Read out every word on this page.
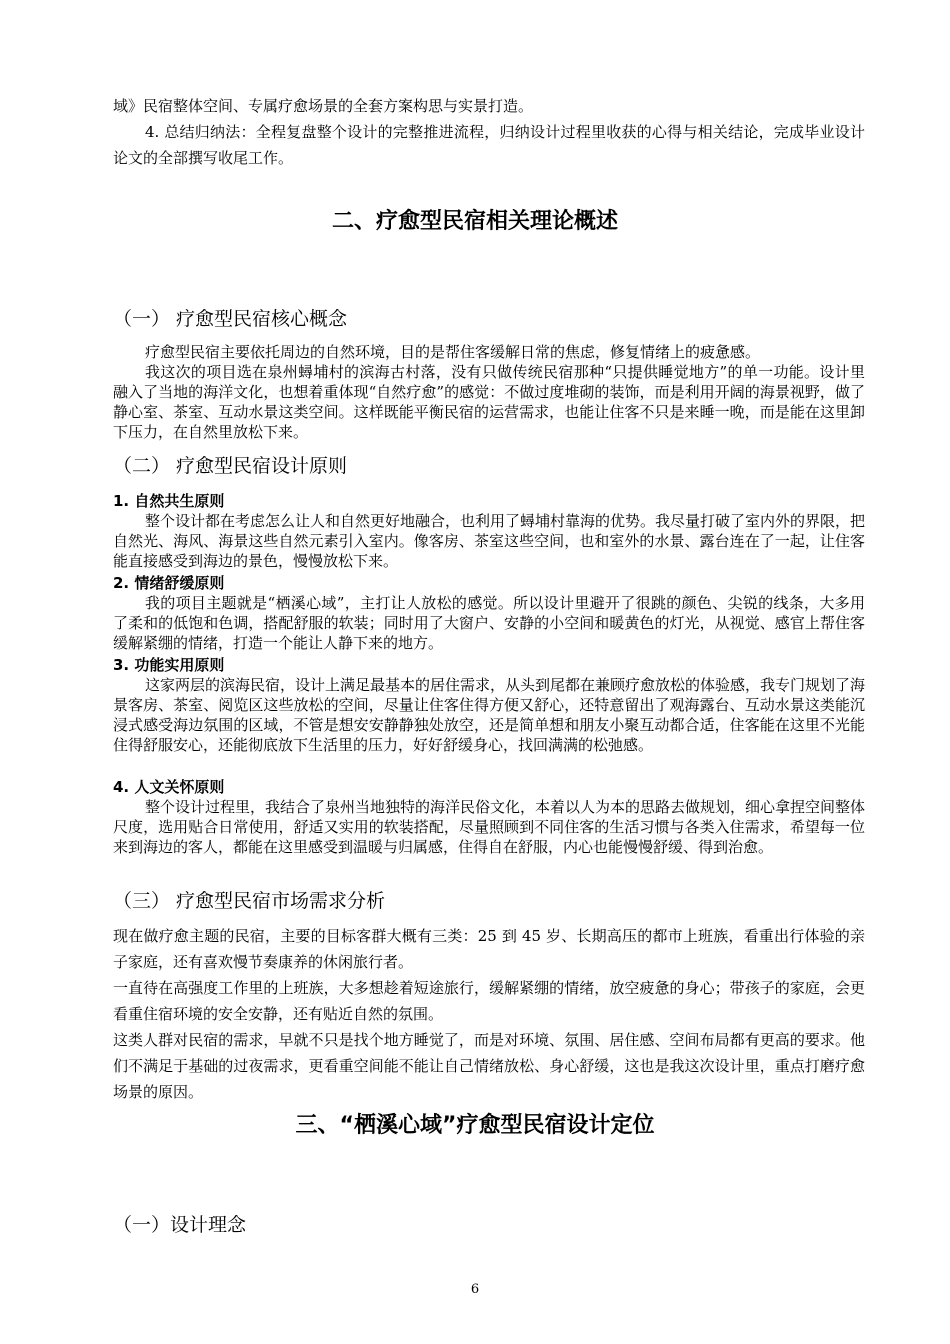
域》民宿整体空间、专属疗愈场景的全套方案构思与实景打造。

4. 总结归纳法：全程复盘整个设计的完整推进流程，归纳设计过程里收获的心得与相关结论，完成毕业设计论文的全部撰写收尾工作。

二、疗愈型民宿相关理论概述
（一） 疗愈型民宿核心概念

疗愈型民宿主要依托周边的自然环境，目的是帮住客缓解日常的焦虑，修复情绪上的疲惫感。

我这次的项目选在泉州蟳埔村的滨海古村落，没有只做传统民宿那种“只提供睡觉地方”的单一功能。设计里融入了当地的海洋文化，也想着重体现“自然疗愈”的感觉：不做过度堆砌的装饰，而是利用开阔的海景视野，做了静心室、茶室、互动水景这类空间。这样既能平衡民宿的运营需求，也能让住客不只是来睡一晚，而是能在这里卸下压力，在自然里放松下来。

（二） 疗愈型民宿设计原则
1. 自然共生原则

整个设计都在考虑怎么让人和自然更好地融合，也利用了蟳埔村靠海的优势。我尽量打破了室内外的界限，把自然光、海风、海景这些自然元素引入室内。像客房、茶室这些空间，也和室外的水景、露台连在了一起，让住客能直接感受到海边的景色，慢慢放松下来。

2. 情绪舒缓原则

我的项目主题就是“栖溪心域”，主打让人放松的感觉。所以设计里避开了很跳的颜色、尖锐的线条，大多用了柔和的低饱和色调，搭配舒服的软装；同时用了大窗户、安静的小空间和暖黄色的灯光，从视觉、感官上帮住客缓解紧绷的情绪，打造一个能让人静下来的地方。

3. 功能实用原则

这家两层的滨海民宿，设计上满足最基本的居住需求，从头到尾都在兼顾疗愈放松的体验感，我专门规划了海景客房、茶室、阅览区这些放松的空间，尽量让住客住得方便又舒心，还特意留出了观海露台、互动水景这类能沉浸式感受海边氛围的区域，不管是想安安静静独处放空，还是简单想和朋友小聚互动都合适，住客能在这里不光能住得舒服安心，还能彻底放下生活里的压力，好好舒缓身心，找回满满的松弛感。

4. 人文关怀原则

整个设计过程里，我结合了泉州当地独特的海洋民俗文化，本着以人为本的思路去做规划，细心拿捏空间整体尺度，选用贴合日常使用，舒适又实用的软装搭配，尽量照顾到不同住客的生活习惯与各类入住需求，希望每一位来到海边的客人，都能在这里感受到温暖与归属感，住得自在舒服，内心也能慢慢舒缓、得到治愈。

（三） 疗愈型民宿市场需求分析

现在做疗愈主题的民宿，主要的目标客群大概有三类：25 到 45 岁、长期高压的都市上班族，看重出行体验的亲子家庭，还有喜欢慢节奏康养的休闲旅行者。

一直待在高强度工作里的上班族，大多想趁着短途旅行，缓解紧绷的情绪，放空疲惫的身心；带孩子的家庭，会更看重住宿环境的安全安静，还有贴近自然的氛围。

这类人群对民宿的需求，早就不只是找个地方睡觉了，而是对环境、氛围、居住感、空间布局都有更高的要求。他们不满足于基础的过夜需求，更看重空间能不能让自己情绪放松、身心舒缓，这也是我这次设计里，重点打磨疗愈场景的原因。

三、“栖溪心域”疗愈型民宿设计定位
（一）设计理念
6
